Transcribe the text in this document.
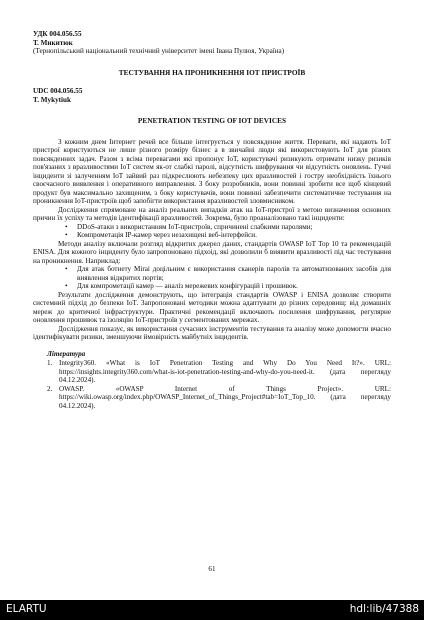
УДК 004.056.55
Т. Микитюк
(Тернопільський національний технічний університет імені Івана Пулюя, Україна)
ТЕСТУВАННЯ НА ПРОНИКНЕННЯ ІОТ ПРИСТРОЇВ
UDC 004.056.55
T. Mykytiuk
PENETRATION TESTING OF IOT DEVICES
З кожним днем Інтернет речей все більше інтегрується у повсякденне життя. Переваги, які надають IoT пристрої користуються не лише різного розміру бізнес а в звичайні люди які використовують IoT для різних повсякденних задач. Разом з всіма перевагами які пропонує IoT, користувачі ризикують отримати низку ризиків пов'язаних з вразливостями IoT систем як-от слабкі паролі, відсутність шифрування чи відсутність оновлень. Гучні інциденти зі залученням IoT зайвий раз підкреслюють небезпеку цих вразливостей і гостру необхідність їхнього своєчасного виявлення і оперативного виправлення. З боку розробників, вони повинні зробити все щоб кінцевий продукт був максимально захищеним, з боку користувачів, вони повинні забезпечити систематичне тестування на проникнення IoT-пристроїв щоб запобігти використання вразливостей зловмисником.
Дослідження спрямоване на аналіз реальних випадків атак на IoT-пристрої з метою визначення основних причин їх успіху та методів ідентифікації вразливостей. Зокрема, було проаналізовано такі інциденти:
• DDoS-атаки з використанням IoT-пристроїв, спричинені слабкими паролями;
• Компрометація IP-камер через незахищені веб-інтерфейси.
Методи аналізу включали розгляд відкритих джерел даних, стандартів OWASP IoT Top 10 та рекомендацій ENISA. Для кожного інциденту було запропоновано підхоід, які дозволили б виявити вразливості під час тестування на проникнення. Наприклад:
• Для атак ботнету Mirai доцільним є використання сканерів паролів та автоматизованих засобів для виявлення відкритих портів;
• Для компрометації камер — аналіз мережевих конфігурацій і прошивок.
Результати дослідження демонструють, що інтеграція стандартів OWASP і ENISA дозволяє створити системний підхід до безпеки IoT. Запропоновані методики можна адаптувати до різних середовищ: від домашніх мереж до критичної інфраструктури. Практичні рекомендації включають посилення шифрування, регулярне оновлення прошивок та ізоляцію IoT-пристроїв у сегментованих мережах.
Дослідження показує, як використання сучасних інструментів тестування та аналізу може допомогти вчасно ідентифікувати ризики, зменшуючи ймовірність майбутніх інцидентів.
Література
1. Integrity360. «What is IoT Penetration Testing and Why Do You Need It?». URL: https://insights.integrity360.com/what-is-iot-penetration-testing-and-why-do-you-need-it. (дата перегляду 04.12.2024).
2. OWASP. «OWASP Internet of Things Project». URL: https://wiki.owasp.org/index.php/OWASP_Internet_of_Things_Project#tab=IoT_Top_10. (дата перегляду 04.12.2024).
61
ELARTU	hdl:lib/47388
